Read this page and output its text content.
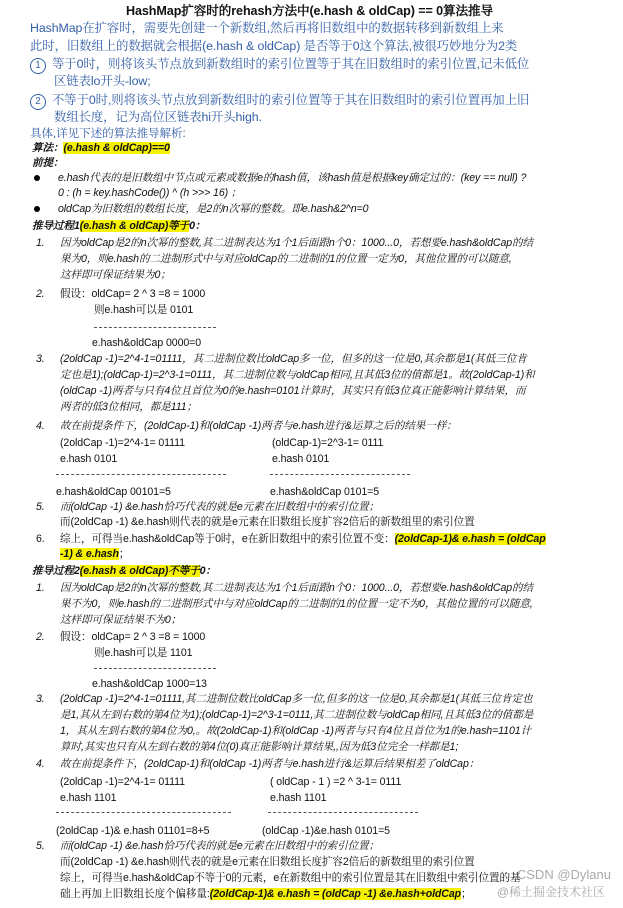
HashMap扩容时的rehash方法中(e.hash & oldCap) == 0算法推导
HashMap在扩容时，需要先创建一个新数组,然后再将旧数组中的数据转移到新数组上来
此时，旧数组上的数据就会根据(e.hash & oldCap) 是否等于0这个算法,被很巧妙地分为2类
1 等于0时，则将该头节点放到新数组时的索引位置等于其在旧数组时的索引位置,记未低位
区链表lo开头-low;
2 不等于0时,则将该头节点放到新数组时的索引位置等于其在旧数组时的索引位置再加上旧
数组长度，记为高位区链表hi开头high.
具体,详见下述的算法推导解析:
算法：(e.hash & oldCap)==0
前提：
e.hash代表的是旧数组中节点或元素或数据e的hash值，该hash值是根据key确定过的：(key == null) ?
0 : (h = key.hashCode()) ^ (h >>> 16) ；
oldCap为旧数组的数组长度，是2的n次幂的整数。即e.hash&2^n=0
推导过程1(e.hash & oldCap)等于0：
1. 因为oldCap是2的n次幂的整数,其二进制表达为1个1后面跟n个0：1000...0，若想要e.hash&oldCap的结
果为0，则e.hash的二进制形式中与对应oldCap的二进制的1的位置一定为0，其他位置的可以随意,
这样即可保证结果为0；
2. 假设：oldCap= 2 ^ 3 =8 = 1000
则e.hash可以是 0101
e.hash&oldCap 0000=0
3. (2oldCap -1)=2^4-1=01111，其二进制位数比oldCap多一位，但多的这一位是0,其余都是1(其低三位肯
定也是1);(oldCap-1)=2^3-1=0111，其二进制位数与oldCap相同,且其低3位的值都是1。故(2oldCap-1)和
(oldCap -1)两者与只有4位且首位为0的e.hash=0101计算时，其实只有低3位真正能影响计算结果，而
两者的低3位相同，都是111；
4. 故在前提条件下，(2oldCap-1)和(oldCap -1)两者与e.hash进行&运算之后的结果一样：
(2oldCap -1)=2^4-1= 01111	(oldCap-1)=2^3-1= 0111
e.hash 0101	e.hash 0101
e.hash&oldCap 00101=5	e.hash&oldCap 0101=5
5. 而(oldCap -1) &e.hash恰巧代表的就是e元素在旧数组中的索引位置；
而(2oldCap -1) &e.hash则代表的就是e元素在旧数组长度扩容2倍后的新数组里的索引位置
6. 综上，可得当e.hash&oldCap等于0时，e在新旧数组中的索引位置不变：(2oldCap-1)& e.hash = (oldCap
-1) & e.hash；
推导过程2(e.hash & oldCap)不等于0：
1. 因为oldCap是2的n次幂的整数,其二进制表达为1个1后面跟n个0：1000...0，若想要e.hash&oldCap的结
果不为0，则e.hash的二进制形式中与对应oldCap的二进制的1的位置一定不为0，其他位置的可以随意,
这样即可保证结果不为0；
2. 假设：oldCap= 2 ^ 3 =8 = 1000
则e.hash可以是 1101
e.hash&oldCap 1000=13
3. (2oldCap -1)=2^4-1=01111,其二进制位数比oldCap多一位,但多的这一位是0,其余都是1(其低三位肯定也
是1,其从左到右数的第4位为1);(oldCap-1)=2^3-1=0111,其二进制位数与oldCap相同,且其低3位的值都是
1，其从左到右数的第4位为0,。故(2oldCap-1)和(oldCap -1)两者与只有4位且首位为1的e.hash=1101计
算时,其实也只有从左到右数的第4位(0)真正能影响计算结果,,因为低3位完全一样都是1;
4. 故在前提条件下，(2oldCap-1)和(oldCap -1)两者与e.hash进行&运算后结果相差了oldCap：
(2oldCap -1)=2^4-1= 01111	( oldCap - 1 ) =2 ^ 3-1= 0111
e.hash 1101	e.hash 1101
(2oldCap -1)& e.hash 01101=8+5	(oldCap -1)&e.hash 0101=5
5. 而(oldCap -1) &e.hash恰巧代表的就是e元素在旧数组中的索引位置；
而(2oldCap -1) &e.hash则代表的就是e元素在旧数组长度扩容2倍后的新数组里的索引位置
综上，可得当e.hash&oldCap不等于0的元素，e在新数组中的索引位置是其在旧数组中索引位置的基
础上再加上旧数组长度个偏移量:(2oldCap-1)& e.hash = (oldCap -1) &e.hash+oldCap；
CSDN @Dylanu
@稀土掘金技术社区
